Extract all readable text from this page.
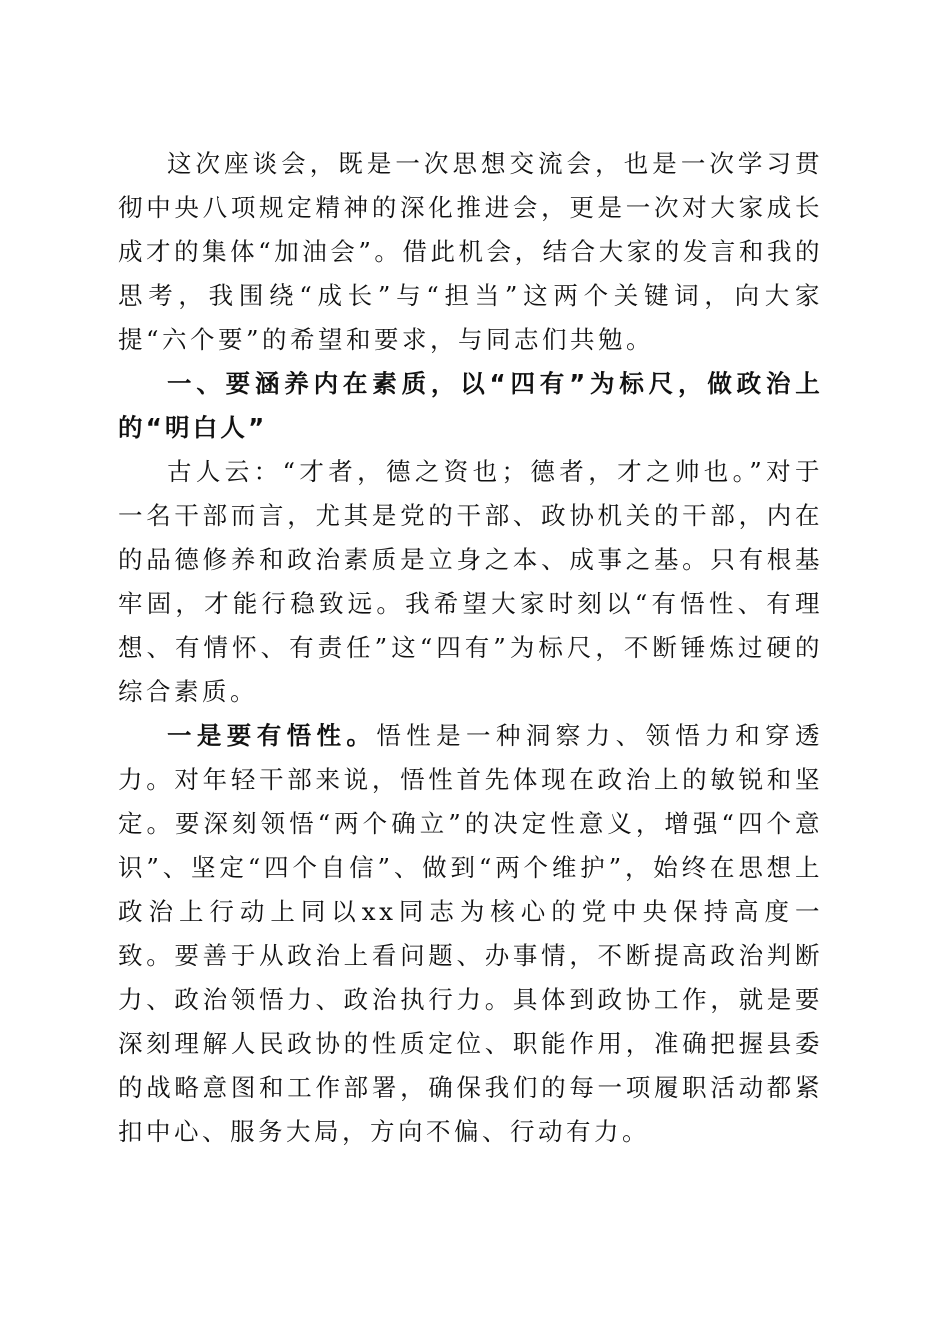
这次座谈会，既是一次思想交流会，也是一次学习贯彻中央八项规定精神的深化推进会，更是一次对大家成长成才的集体“加油会”。借此机会，结合大家的发言和我的思考，我围绕“成长”与“担当”这两个关键词，向大家提“六个要”的希望和要求，与同志们共勉。

一、要涵养内在素质，以“四有”为标尺，做政治上的“明白人”

古人云：“才者，德之资也；德者，才之帅也。”对于一名干部而言，尤其是党的干部、政协机关的干部，内在的品德修养和政治素质是立身之本、成事之基。只有根基牢固，才能行稳致远。我希望大家时刻以“有悟性、有理想、有情怀、有责任”这“四有”为标尺，不断锤炼过硬的综合素质。

一是要有悟性。悟性是一种洞察力、领悟力和穿透力。对年轻干部来说，悟性首先体现在政治上的敏锐和坚定。要深刻领悟“两个确立”的决定性意义，增强“四个意识”、坚定“四个自信”、做到“两个维护”，始终在思想上政治上行动上同以xx同志为核心的党中央保持高度一致。要善于从政治上看问题、办事情，不断提高政治判断力、政治领悟力、政治执行力。具体到政协工作，就是要深刻理解人民政协的性质定位、职能作用，准确把握县委的战略意图和工作部署，确保我们的每一项履职活动都紧扣中心、服务大局，方向不偏、行动有力。
